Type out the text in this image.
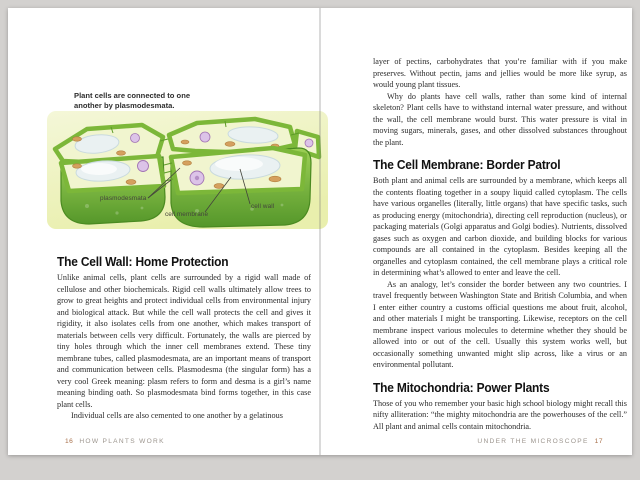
Plant cells are connected to one another by plasmodesmata.
plasmodesmata
cell membrane
cell wall
The Cell Wall: Home Protection

Unlike animal cells, plant cells are surrounded by a rigid wall made of cellulose and other biochemicals. Rigid cell walls ultimately allow trees to grow to great heights and protect individual cells from environmental injury and biological attack. But while the cell wall protects the cell and gives it rigidity, it also isolates cells from one another, which makes transport of materials between cells very difficult. Fortunately, the walls are pierced by tiny holes through which the inner cell membranes extend. These tiny membrane tubes, called plasmodesmata, are an important means of transport and communication between cells. Plasmodesma (the singular form) has a very cool Greek meaning: plasm refers to form and desma is a girl’s name meaning binding oath. So plasmodesmata bind forms together, in this case plant cells.

Individual cells are also cemented to one another by a gelatinous

16 HOW PLANTS WORK

layer of pectins, carbohydrates that you’re familiar with if you make preserves. Without pectin, jams and jellies would be more like syrup, as would young plant tissues.

Why do plants have cell walls, rather than some kind of internal skeleton? Plant cells have to withstand internal water pressure, and without the wall, the cell membrane would burst. This water pressure is vital in moving sugars, minerals, gases, and other dissolved substances throughout the plant.

The Cell Membrane: Border Patrol

Both plant and animal cells are surrounded by a membrane, which keeps all the contents floating together in a soupy liquid called cytoplasm. The cells have various organelles (literally, little organs) that have specific tasks, such as producing energy (mitochondria), directing cell reproduction (nucleus), or packaging materials (Golgi apparatus and Golgi bodies). Nutrients, dissolved gases such as oxygen and carbon dioxide, and building blocks for various compounds are all contained in the cytoplasm. Besides keeping all the organelles and cytoplasm contained, the cell membrane plays a critical role in determining what’s allowed to enter and leave the cell.

As an analogy, let’s consider the border between any two countries. I travel frequently between Washington State and British Columbia, and when I enter either country a customs official questions me about fruit, alcohol, and other materials I might be transporting. Likewise, receptors on the cell membrane inspect various molecules to determine whether they should be allowed into or out of the cell. Usually this system works well, but occasionally something unwanted might slip across, like a virus or an environmental pollutant.

The Mitochondria: Power Plants

Those of you who remember your basic high school biology might recall this nifty alliteration: “the mighty mitochondria are the powerhouses of the cell.” All plant and animal cells contain mitochondria.

UNDER THE MICROSCOPE 17
